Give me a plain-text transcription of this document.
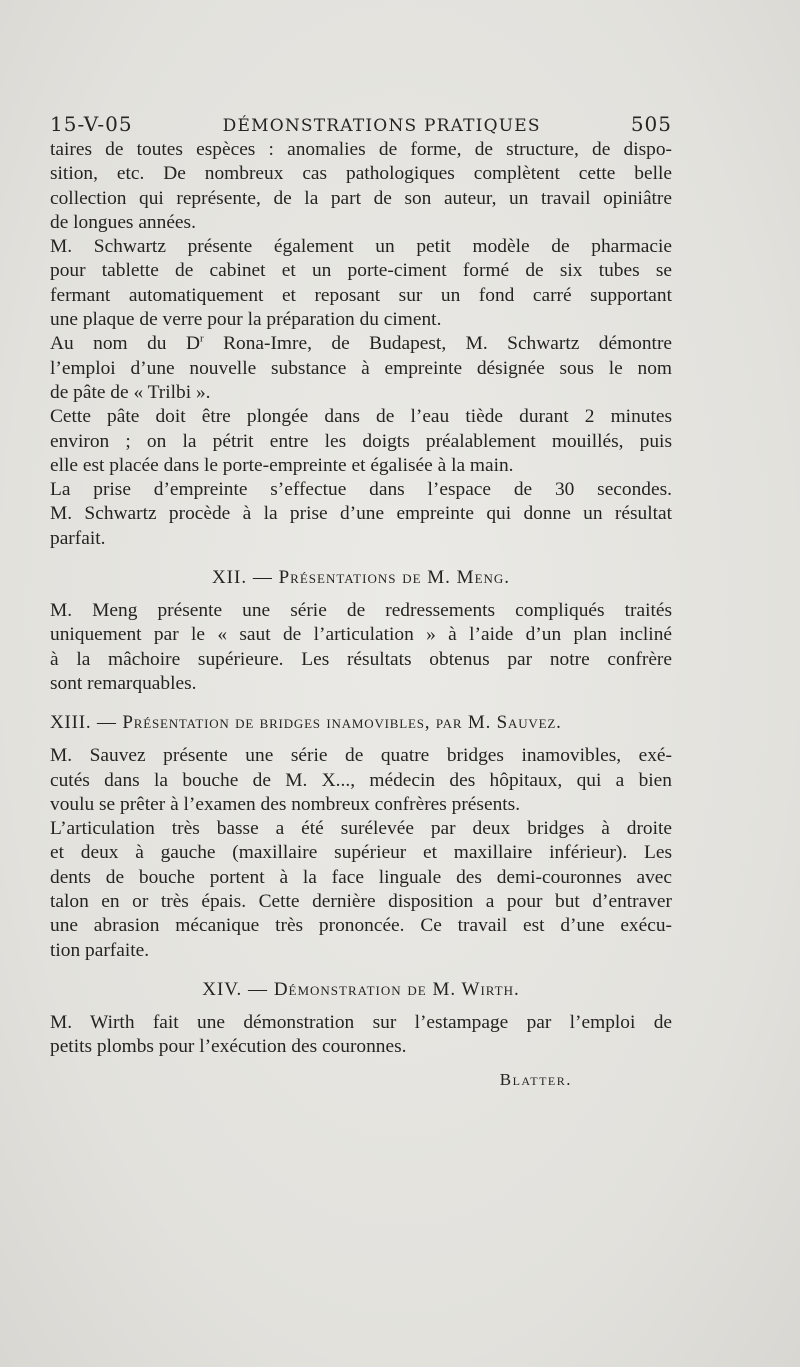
15-V-05	DÉMONSTRATIONS PRATIQUES	505

taires de toutes espèces : anomalies de forme, de structure, de dispo-
sition, etc. De nombreux cas pathologiques complètent cette belle
collection qui représente, de la part de son auteur, un travail opiniâtre
de longues années.

M. Schwartz présente également un petit modèle de pharmacie
pour tablette de cabinet et un porte-ciment formé de six tubes se
fermant automatiquement et reposant sur un fond carré supportant
une plaque de verre pour la préparation du ciment.

Au nom du $D^r$ Rona-Imre, de Budapest, M. Schwartz démontre
l’emploi d’une nouvelle substance à empreinte désignée sous le nom
de pâte de « Trilbi ».

Cette pâte doit être plongée dans de l’eau tiède durant 2 minutes
environ ; on la pétrit entre les doigts préalablement mouillés, puis
elle est placée dans le porte-empreinte et égalisée à la main.

La prise d’empreinte s’effectue dans l’espace de 30 secondes.
M. Schwartz procède à la prise d’une empreinte qui donne un résultat
parfait.

XII. — Présentations de M. Meng.

M. Meng présente une série de redressements compliqués traités
uniquement par le « saut de l’articulation » à l’aide d’un plan incliné
à la mâchoire supérieure. Les résultats obtenus par notre confrère
sont remarquables.

XIII. — Présentation de bridges inamovibles, par M. Sauvez.

M. Sauvez présente une série de quatre bridges inamovibles, exé-
cutés dans la bouche de M. X..., médecin des hôpitaux, qui a bien
voulu se prêter à l’examen des nombreux confrères présents.

L’articulation très basse a été surélevée par deux bridges à droite
et deux à gauche (maxillaire supérieur et maxillaire inférieur). Les
dents de bouche portent à la face linguale des demi-couronnes avec
talon en or très épais. Cette dernière disposition a pour but d’entraver
une abrasion mécanique très prononcée. Ce travail est d’une exécu-
tion parfaite.

XIV. — Démonstration de M. Wirth.

M. Wirth fait une démonstration sur l’estampage par l’emploi de
petits plombs pour l’exécution des couronnes.

Blatter.
